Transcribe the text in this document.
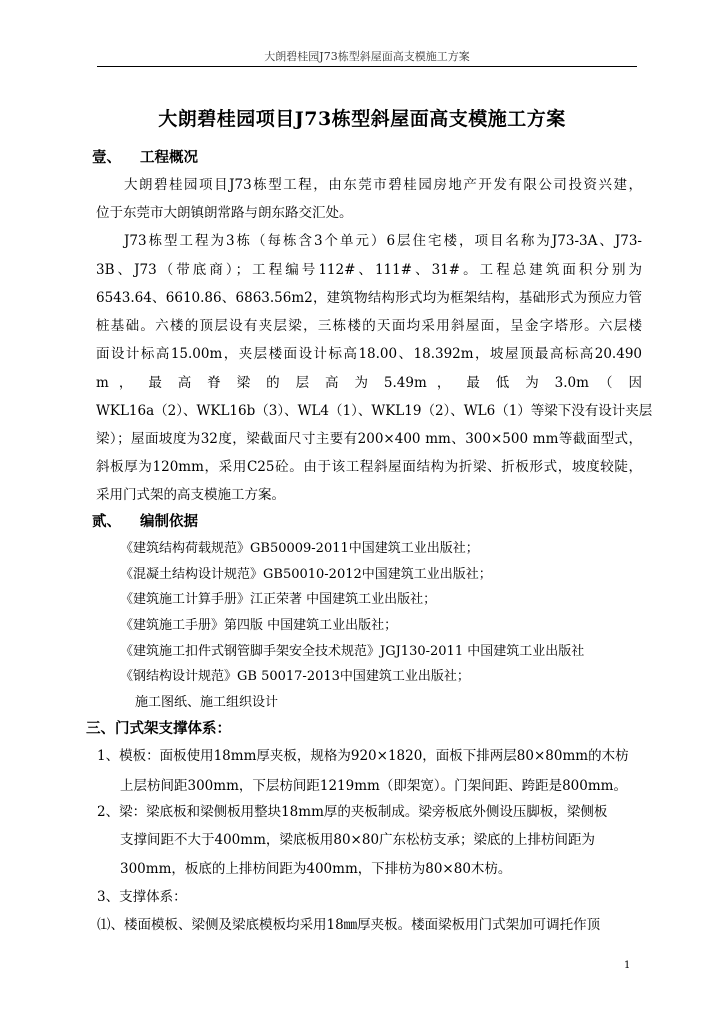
大朗碧桂园J73栋型斜屋面高支模施工方案
大朗碧桂园项目J73栋型斜屋面高支模施工方案
壹、 工程概况
大朗碧桂园项目J73栋型工程，由东莞市碧桂园房地产开发有限公司投资兴建，
位于东莞市大朗镇朗常路与朗东路交汇处。
J73栋型工程为3栋（每栋含3个单元）6层住宅楼，项目名称为J73-3A、J73-
3B、J73（带底商）；工程编号112#、111#、31#。工程总建筑面积分别为
6543.64、6610.86、6863.56m2，建筑物结构形式均为框架结构，基础形式为预应力管
桩基础。六楼的顶层设有夹层梁，三栋楼的天面均采用斜屋面，呈金字塔形。六层楼
面设计标高15.00m，夹层楼面设计标高18.00、18.392m，坡屋顶最高标高20.490
m ， 最 高 脊 梁 的 层 高 为 5.49m ， 最 低 为 3.0m （ 因
WKL16a（2）、WKL16b（3）、WL4（1）、WKL19（2）、WL6（1）等梁下没有设计夹层
梁）；屋面坡度为32度，梁截面尺寸主要有200×400 mm、300×500 mm等截面型式，
斜板厚为120mm，采用C25砼。由于该工程斜屋面结构为折梁、折板形式，坡度较陡，
采用门式架的高支模施工方案。
贰、 编制依据
《建筑结构荷载规范》GB50009-2011中国建筑工业出版社；
《混凝土结构设计规范》GB50010-2012中国建筑工业出版社；
《建筑施工计算手册》江正荣著 中国建筑工业出版社；
《建筑施工手册》第四版 中国建筑工业出版社；
《建筑施工扣件式钢管脚手架安全技术规范》JGJ130-2011 中国建筑工业出版社
《钢结构设计规范》GB 50017-2013中国建筑工业出版社；
施工图纸、施工组织设计
三、门式架支撑体系：
1、模板：面板使用18mm厚夹板，规格为920×1820，面板下排两层80×80mm的木枋
上层枋间距300mm，下层枋间距1219mm（即架宽）。门架间距、跨距是800mm。
2、梁：梁底板和梁侧板用整块18mm厚的夹板制成。梁旁板底外侧设压脚板，梁侧板
支撑间距不大于400mm，梁底板用80×80广东松枋支承；梁底的上排枋间距为
300mm，板底的上排枋间距为400mm，下排枋为80×80木枋。
3、支撑体系：
⑴、楼面模板、梁侧及梁底模板均采用18㎜厚夹板。楼面梁板用门式架加可调托作顶
1
